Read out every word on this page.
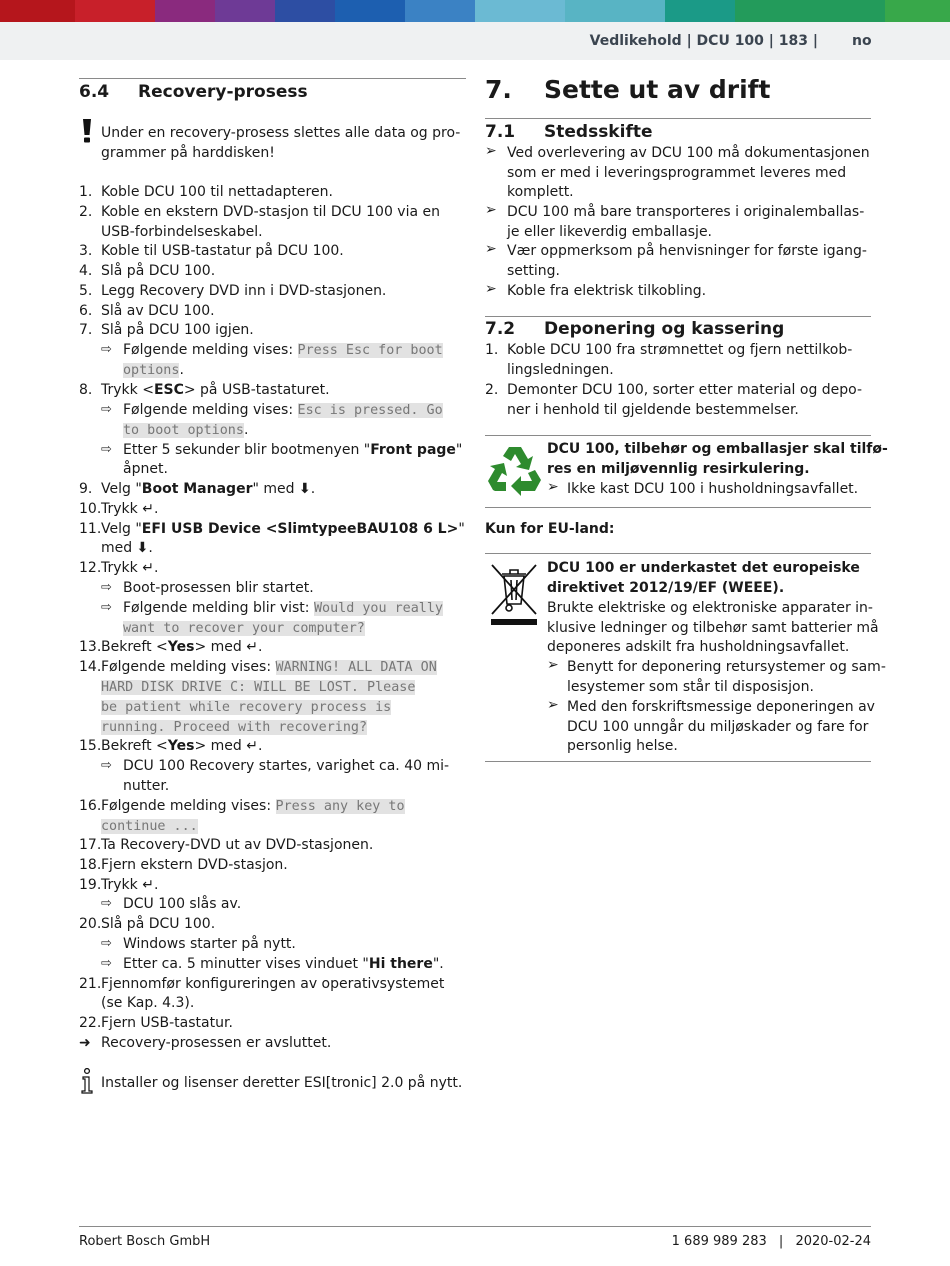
Vedlikehold | DCU 100 | 183 | no
6.4 Recovery-prosess
Under en recovery-prosess slettes alle data og pro-
grammer på harddisken!
1. Koble DCU 100 til nettadapteren.
2. Koble en ekstern DVD-stasjon til DCU 100 via en
USB-forbindelseskabel.
3. Koble til USB-tastatur på DCU 100.
4. Slå på DCU 100.
5. Legg Recovery DVD inn i DVD-stasjonen.
6. Slå av DCU 100.
7. Slå på DCU 100 igjen.
⇨ Følgende melding vises: Press Esc for boot
options.
8. Trykk <ESC> på USB-tastaturet.
⇨ Følgende melding vises: Esc is pressed. Go
to boot options.
⇨ Etter 5 sekunder blir bootmenyen "Front page"
åpnet.
9. Velg "Boot Manager" med ⬇.
10.Trykk ↵.
11.Velg "EFI USB Device <SlimtypeeBAU108 6 L>"
med ⬇.
12.Trykk ↵.
⇨ Boot-prosessen blir startet.
⇨ Følgende melding blir vist: Would you really
want to recover your computer?
13.Bekreft <Yes> med ↵.
14.Følgende melding vises: WARNING! ALL DATA ON
HARD DISK DRIVE C: WILL BE LOST. Please
be patient while recovery process is
running. Proceed with recovering?
15.Bekreft <Yes> med ↵.
⇨ DCU 100 Recovery startes, varighet ca. 40 mi-
nutter.
16.Følgende melding vises: Press any key to
continue ...
17.Ta Recovery-DVD ut av DVD-stasjonen.
18.Fjern ekstern DVD-stasjon.
19.Trykk ↵.
⇨ DCU 100 slås av.
20.Slå på DCU 100.
⇨ Windows starter på nytt.
⇨ Etter ca. 5 minutter vises vinduet "Hi there".
21.Fjennomfør konfigureringen av operativsystemet
(se Kap. 4.3).
22.Fjern USB-tastatur.
➜ Recovery-prosessen er avsluttet.
Installer og lisenser deretter ESI[tronic] 2.0 på nytt.
7. Sette ut av drift
7.1 Stedsskifte
➢ Ved overlevering av DCU 100 må dokumentasjonen
som er med i leveringsprogrammet leveres med
komplett.
➢ DCU 100 må bare transporteres i originalemballas-
je eller likeverdig emballasje.
➢ Vær oppmerksom på henvisninger for første igang-
setting.
➢ Koble fra elektrisk tilkobling.
7.2 Deponering og kassering
1. Koble DCU 100 fra strømnettet og fjern nettilkob-
lingsledningen.
2. Demonter DCU 100, sorter etter material og depo-
ner i henhold til gjeldende bestemmelser.
DCU 100, tilbehør og emballasjer skal tilfø-
res en miljøvennlig resirkulering.
➢ Ikke kast DCU 100 i husholdningsavfallet.
Kun for EU-land:
DCU 100 er underkastet det europeiske
direktivet 2012/19/EF (WEEE).
Brukte elektriske og elektroniske apparater in-
klusive ledninger og tilbehør samt batterier må
deponeres adskilt fra husholdningsavfallet.
➢ Benytt for deponering retursystemer og sam-
lesystemer som står til disposisjon.
➢ Med den forskriftsmessige deponeringen av
DCU 100 unngår du miljøskader og fare for
personlig helse.
Robert Bosch GmbH	1 689 989 283 | 2020-02-24
